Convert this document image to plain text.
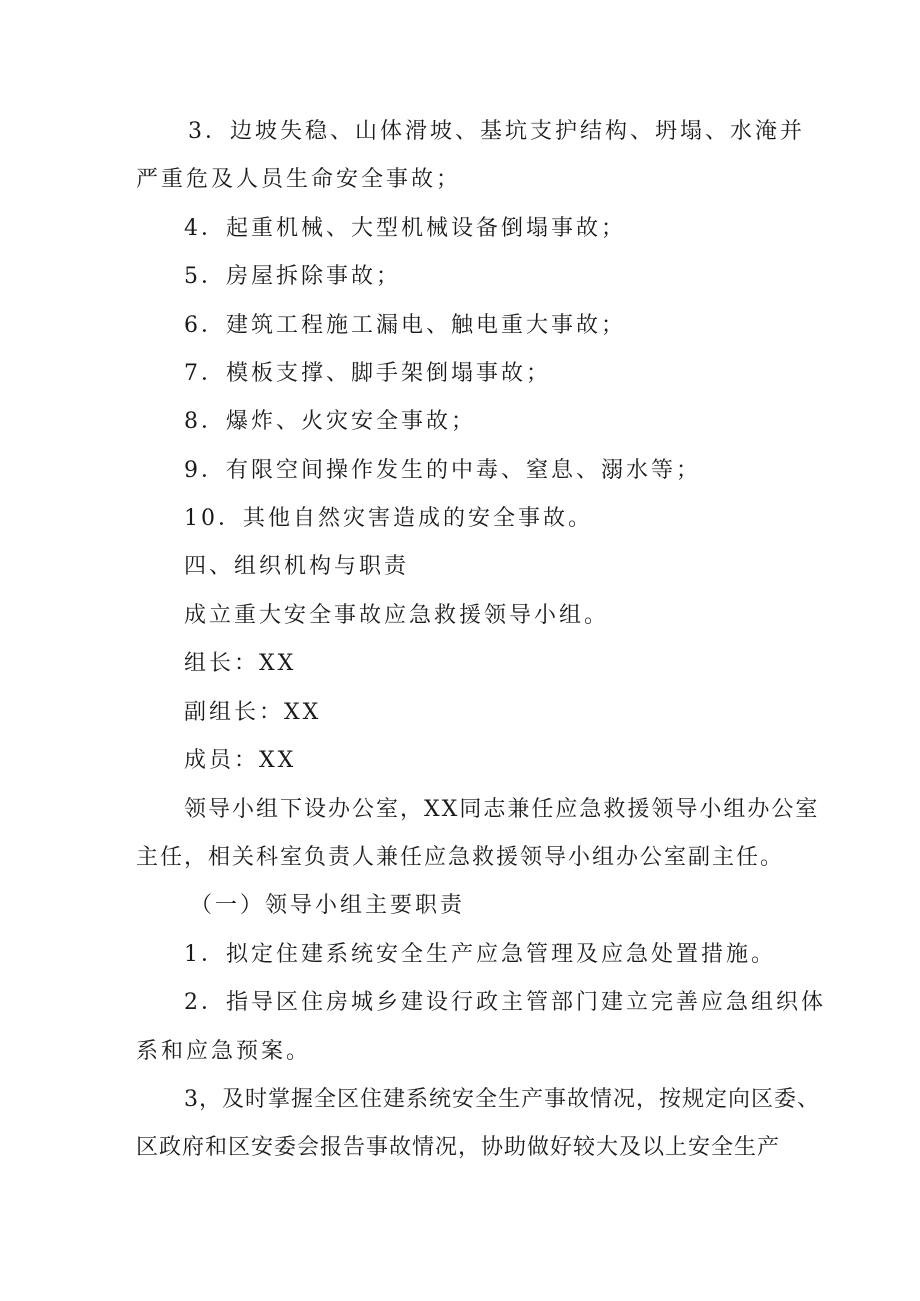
3．边坡失稳、山体滑坡、基坑支护结构、坍塌、水淹并
严重危及人员生命安全事故；
4．起重机械、大型机械设备倒塌事故；
5．房屋拆除事故；
6．建筑工程施工漏电、触电重大事故；
7．模板支撑、脚手架倒塌事故；
8．爆炸、火灾安全事故；
9．有限空间操作发生的中毒、窒息、溺水等；
10．其他自然灾害造成的安全事故。
四、组织机构与职责
成立重大安全事故应急救援领导小组。
组长：XX
副组长：XX
成员：XX
领导小组下设办公室，XX同志兼任应急救援领导小组办公室
主任，相关科室负责人兼任应急救援领导小组办公室副主任。
（一）领导小组主要职责
1．拟定住建系统安全生产应急管理及应急处置措施。
2．指导区住房城乡建设行政主管部门建立完善应急组织体
系和应急预案。
3，及时掌握全区住建系统安全生产事故情况，按规定向区委、
区政府和区安委会报告事故情况，协助做好较大及以上安全生产
